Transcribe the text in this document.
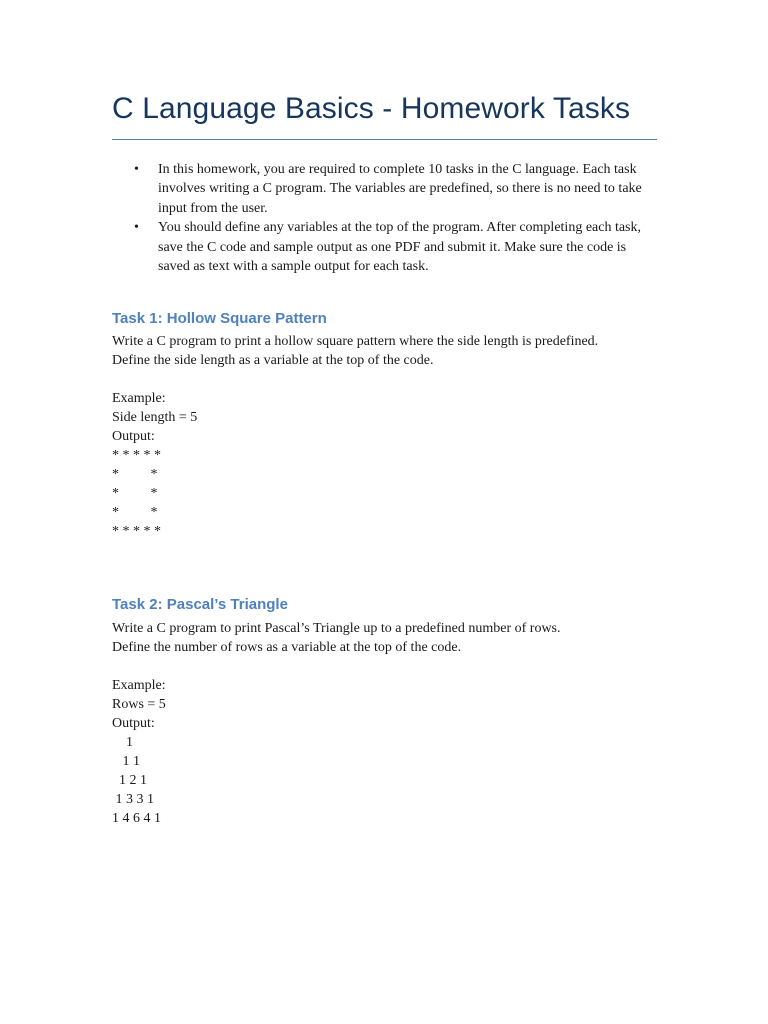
C Language Basics - Homework Tasks
• In this homework, you are required to complete 10 tasks in the C language. Each task involves writing a C program. The variables are predefined, so there is no need to take input from the user.
• You should define any variables at the top of the program. After completing each task, save the C code and sample output as one PDF and submit it. Make sure the code is saved as text with a sample output for each task.
Task 1: Hollow Square Pattern
Write a C program to print a hollow square pattern where the side length is predefined.
Define the side length as a variable at the top of the code.
Example:
Side length = 5
Output:
* * * * *
*         *
*         *
*         *
* * * * *
Task 2: Pascal’s Triangle
Write a C program to print Pascal’s Triangle up to a predefined number of rows.
Define the number of rows as a variable at the top of the code.
Example:
Rows = 5
Output:
1
1 1
1 2 1
1 3 3 1
1 4 6 4 1
